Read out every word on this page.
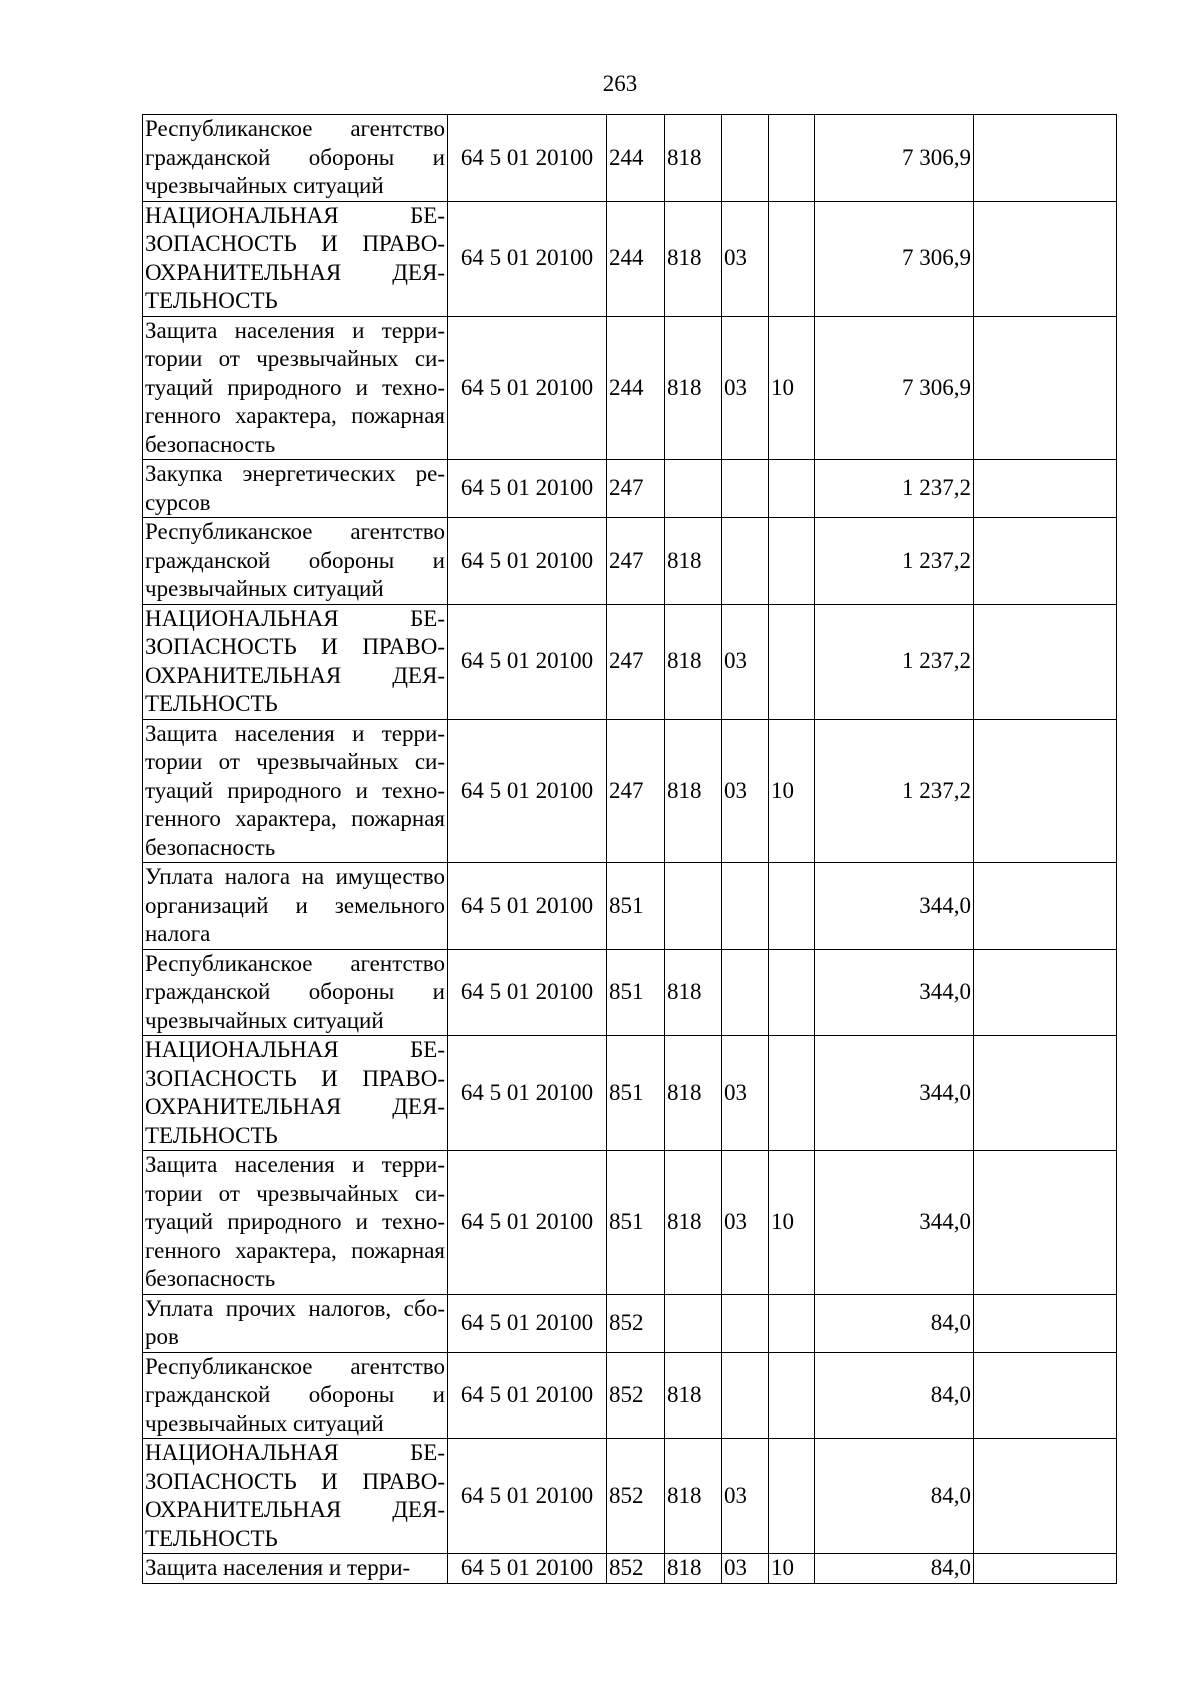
263
Республиканское агентство гражданской обороны и чрезвычайных ситуаций	64 5 01 20100	244	818			7 306,9	
НАЦИОНАЛЬНАЯ БЕ-ЗОПАСНОСТЬ И ПРАВО-ОХРАНИТЕЛЬНАЯ ДЕЯ-ТЕЛЬНОСТЬ	64 5 01 20100	244	818	03		7 306,9	
Защита населения и терри-тории от чрезвычайных си-туаций природного и техно-генного характера, пожарная безопасность	64 5 01 20100	244	818	03	10	7 306,9	
Закупка энергетических ре-сурсов	64 5 01 20100	247				1 237,2	
Республиканское агентство гражданской обороны и чрезвычайных ситуаций	64 5 01 20100	247	818			1 237,2	
НАЦИОНАЛЬНАЯ БЕ-ЗОПАСНОСТЬ И ПРАВО-ОХРАНИТЕЛЬНАЯ ДЕЯ-ТЕЛЬНОСТЬ	64 5 01 20100	247	818	03		1 237,2	
Защита населения и терри-тории от чрезвычайных си-туаций природного и техно-генного характера, пожарная безопасность	64 5 01 20100	247	818	03	10	1 237,2	
Уплата налога на имущество организаций и земельного налога	64 5 01 20100	851				344,0	
Республиканское агентство гражданской обороны и чрезвычайных ситуаций	64 5 01 20100	851	818			344,0	
НАЦИОНАЛЬНАЯ БЕ-ЗОПАСНОСТЬ И ПРАВО-ОХРАНИТЕЛЬНАЯ ДЕЯ-ТЕЛЬНОСТЬ	64 5 01 20100	851	818	03		344,0	
Защита населения и терри-тории от чрезвычайных си-туаций природного и техно-генного характера, пожарная безопасность	64 5 01 20100	851	818	03	10	344,0	
Уплата прочих налогов, сбо-ров	64 5 01 20100	852				84,0	
Республиканское агентство гражданской обороны и чрезвычайных ситуаций	64 5 01 20100	852	818			84,0	
НАЦИОНАЛЬНАЯ БЕ-ЗОПАСНОСТЬ И ПРАВО-ОХРАНИТЕЛЬНАЯ ДЕЯ-ТЕЛЬНОСТЬ	64 5 01 20100	852	818	03		84,0	
Защита населения и терри-	64 5 01 20100	852	818	03	10	84,0	
